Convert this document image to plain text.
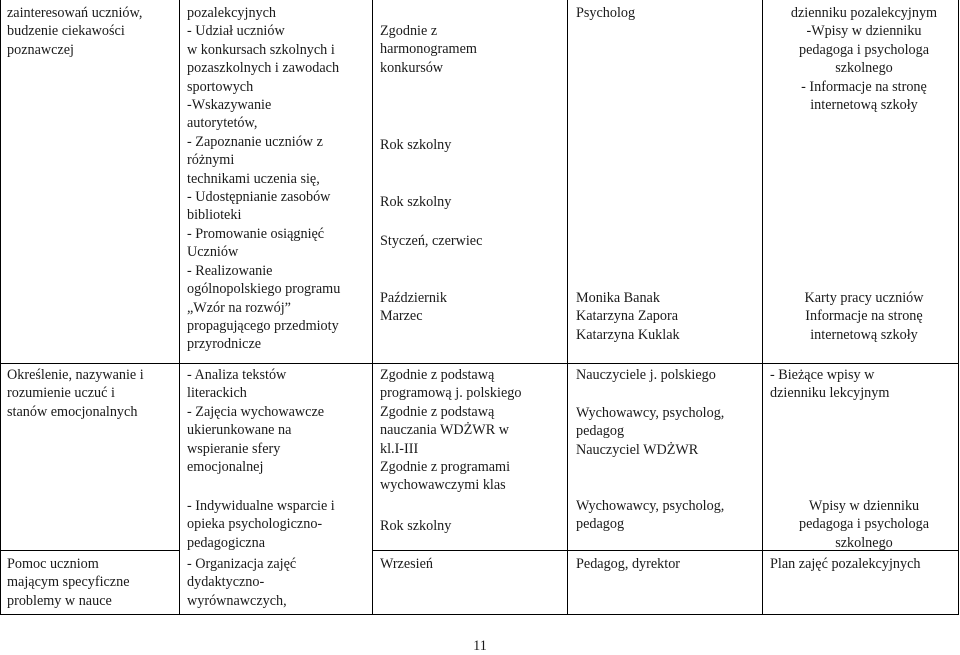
zainteresowań uczniów,
budzenie ciekawości
poznawczej
pozalekcyjnych
- Udział uczniów
w konkursach szkolnych i
pozaszkolnych i zawodach
sportowych
-Wskazywanie
autorytetów,
- Zapoznanie uczniów z
różnymi
technikami uczenia się,
- Udostępnianie zasobów
biblioteki
- Promowanie osiągnięć
Uczniów
- Realizowanie
ogólnopolskiego programu
„Wzór na rozwój”
propagującego przedmioty
przyrodnicze
Zgodnie z
harmonogramem
konkursów
Rok szkolny
Rok szkolny
Styczeń, czerwiec
Październik
Marzec
Psycholog
Monika Banak
Katarzyna Zapora
Katarzyna Kuklak
dzienniku pozalekcyjnym
-Wpisy w dzienniku
pedagoga i psychologa
szkolnego
- Informacje na stronę
internetową szkoły
Karty pracy uczniów
Informacje na stronę
internetową szkoły
Określenie, nazywanie i
rozumienie uczuć i
stanów emocjonalnych
- Analiza tekstów
literackich
- Zajęcia wychowawcze
ukierunkowane na
wspieranie sfery
emocjonalnej
- Indywidualne wsparcie i
opieka psychologiczno-
pedagogiczna
Zgodnie z podstawą
programową j. polskiego
Zgodnie z podstawą
nauczania WDŻWR w
kl.I-III
Zgodnie z programami
wychowawczymi klas
Rok szkolny
Nauczyciele j. polskiego
Wychowawcy, psycholog,
pedagog
Nauczyciel WDŻWR
Wychowawcy, psycholog,
pedagog
- Bieżące wpisy w
dzienniku lekcyjnym
Wpisy w dzienniku
pedagoga i psychologa
szkolnego
Pomoc uczniom
mającym specyficzne
problemy w nauce
- Organizacja zajęć
dydaktyczno-
wyrównawczych,
Wrzesień	Pedagog, dyrektor	Plan zajęć pozalekcyjnych
11
